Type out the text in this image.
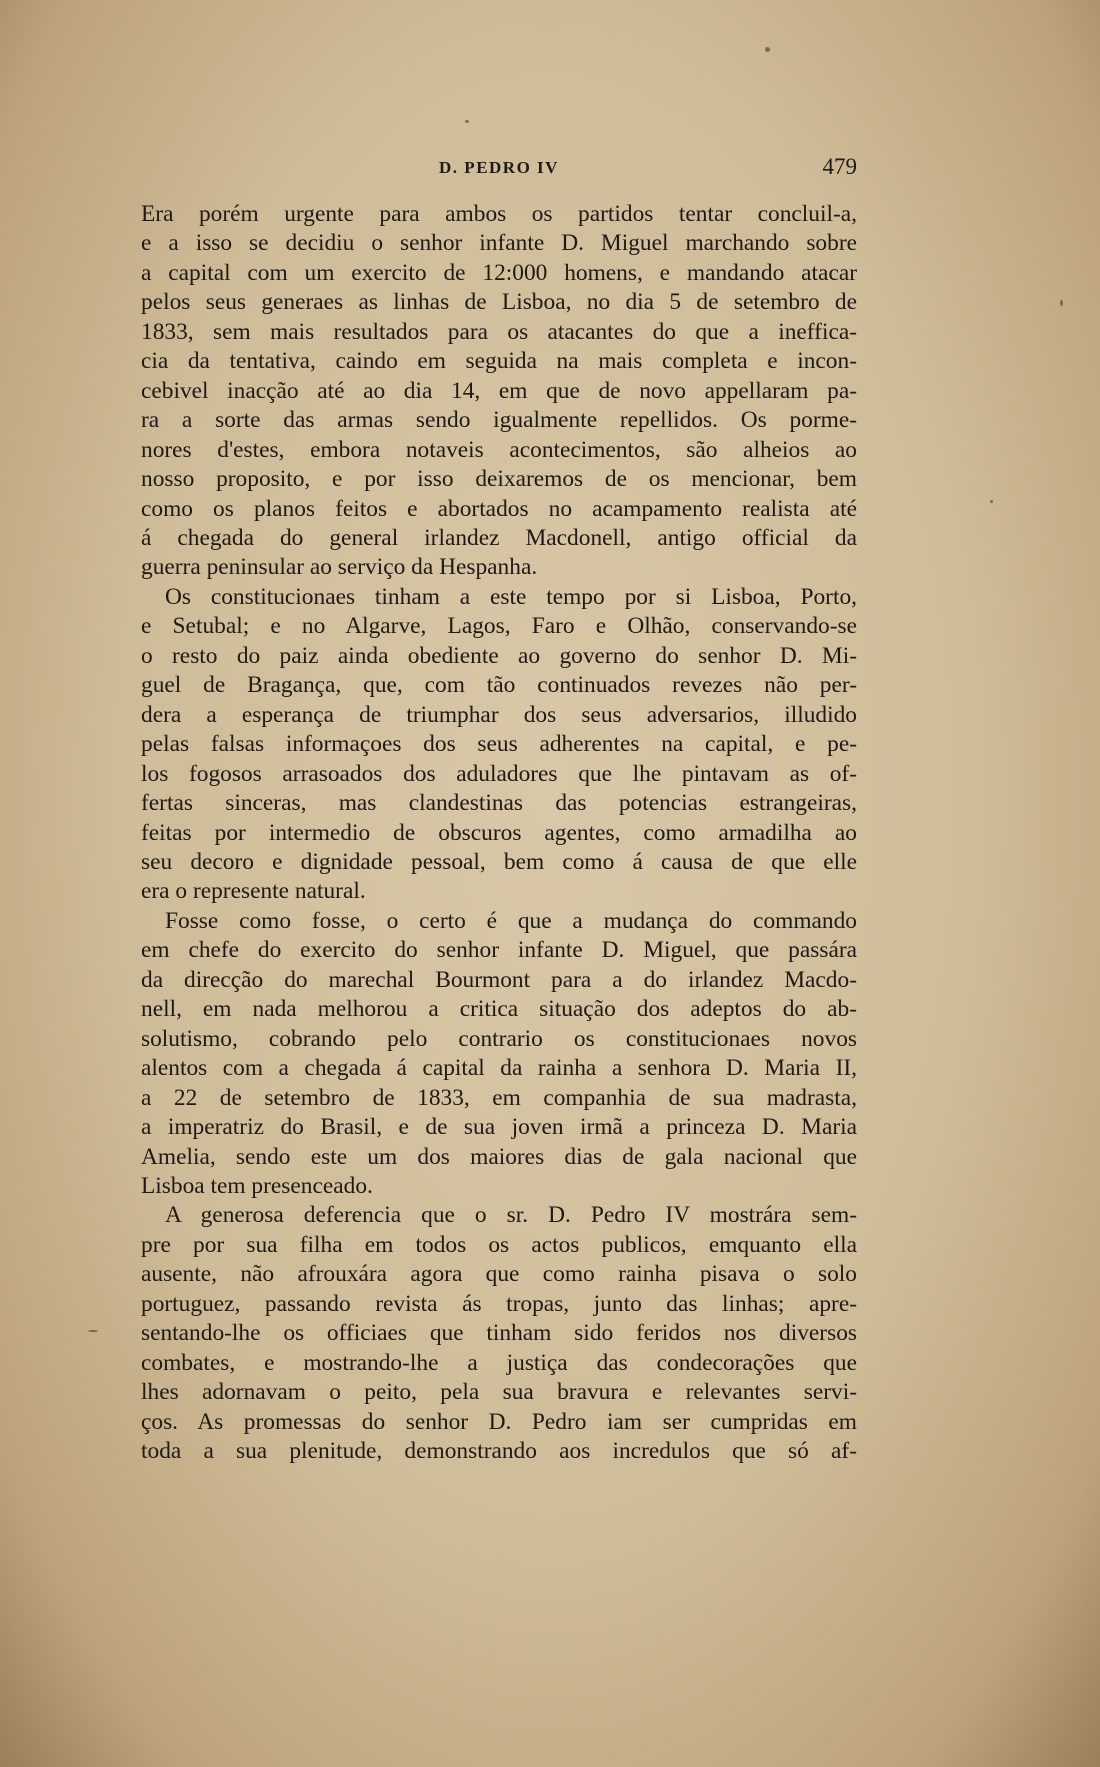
D. PEDRO IV	479

Era porém urgente para ambos os partidos tentar concluil-a,
e a isso se decidiu o senhor infante D. Miguel marchando sobre
a capital com um exercito de 12:000 homens, e mandando atacar
pelos seus generaes as linhas de Lisboa, no dia 5 de setembro de
1833, sem mais resultados para os atacantes do que a inefficа-
cia da tentativa, caindo em seguida na mais completa e incon-
cebivel inacção até ao dia 14, em que de novo appellaram pa-
ra a sorte das armas sendo igualmente repellidos. Os porme-
nores d'estes, embora notaveis acontecimentos, são alheios ao
nosso proposito, e por isso deixaremos de os mencionar, bem
como os planos feitos e abortados no acampamento realista até
á chegada do general irlandez Macdonell, antigo official da
guerra peninsular ao serviço da Hespanha.

Os constitucionaes tinham a este tempo por si Lisboa, Porto,
e Setubal; e no Algarve, Lagos, Faro e Olhão, conservando-se
o resto do paiz ainda obediente ao governo do senhor D. Mi-
guel de Bragança, que, com tão continuados revezes não per-
dera a esperança de triumphar dos seus adversarios, illudido
pelas falsas informaçoes dos seus adherentes na capital, e pe-
los fogosos arrasoados dos aduladores que lhe pintavam as of-
fertas sinceras, mas clandestinas das potencias estrangeiras,
feitas por intermedio de obscuros agentes, como armadilha ao
seu decoro e dignidade pessoal, bem como á causa de que elle
era o represente natural.

Fosse como fosse, o certo é que a mudança do commando
em chefe do exercito do senhor infante D. Miguel, que passára
da direcção do marechal Bourmont para a do irlandez Macdo-
nell, em nada melhorou a critica situação dos adeptos do ab-
solutismo, cobrando pelo contrario os constitucionaes novos
alentos com a chegada á capital da rainha a senhora D. Maria II,
a 22 de setembro de 1833, em companhia de sua madrasta,
a imperatriz do Brasil, e de sua joven irmã a princeza D. Maria
Amelia, sendo este um dos maiores dias de gala nacional que
Lisboa tem presenceado.

A generosa deferencia que o sr. D. Pedro IV mostrára sem-
pre por sua filha em todos os actos publicos, emquanto ella
ausente, não afrouxára agora que como rainha pisava o solo
portuguez, passando revista ás tropas, junto das linhas; apre-
sentando-lhe os officiaes que tinham sido feridos nos diversos
combates, e mostrando-lhe a justiça das condecorações que
lhes adornavam o peito, pela sua bravura e relevantes servi-
ços. As promessas do senhor D. Pedro iam ser cumpridas em
toda a sua plenitude, demonstrando aos incredulos que só af-
